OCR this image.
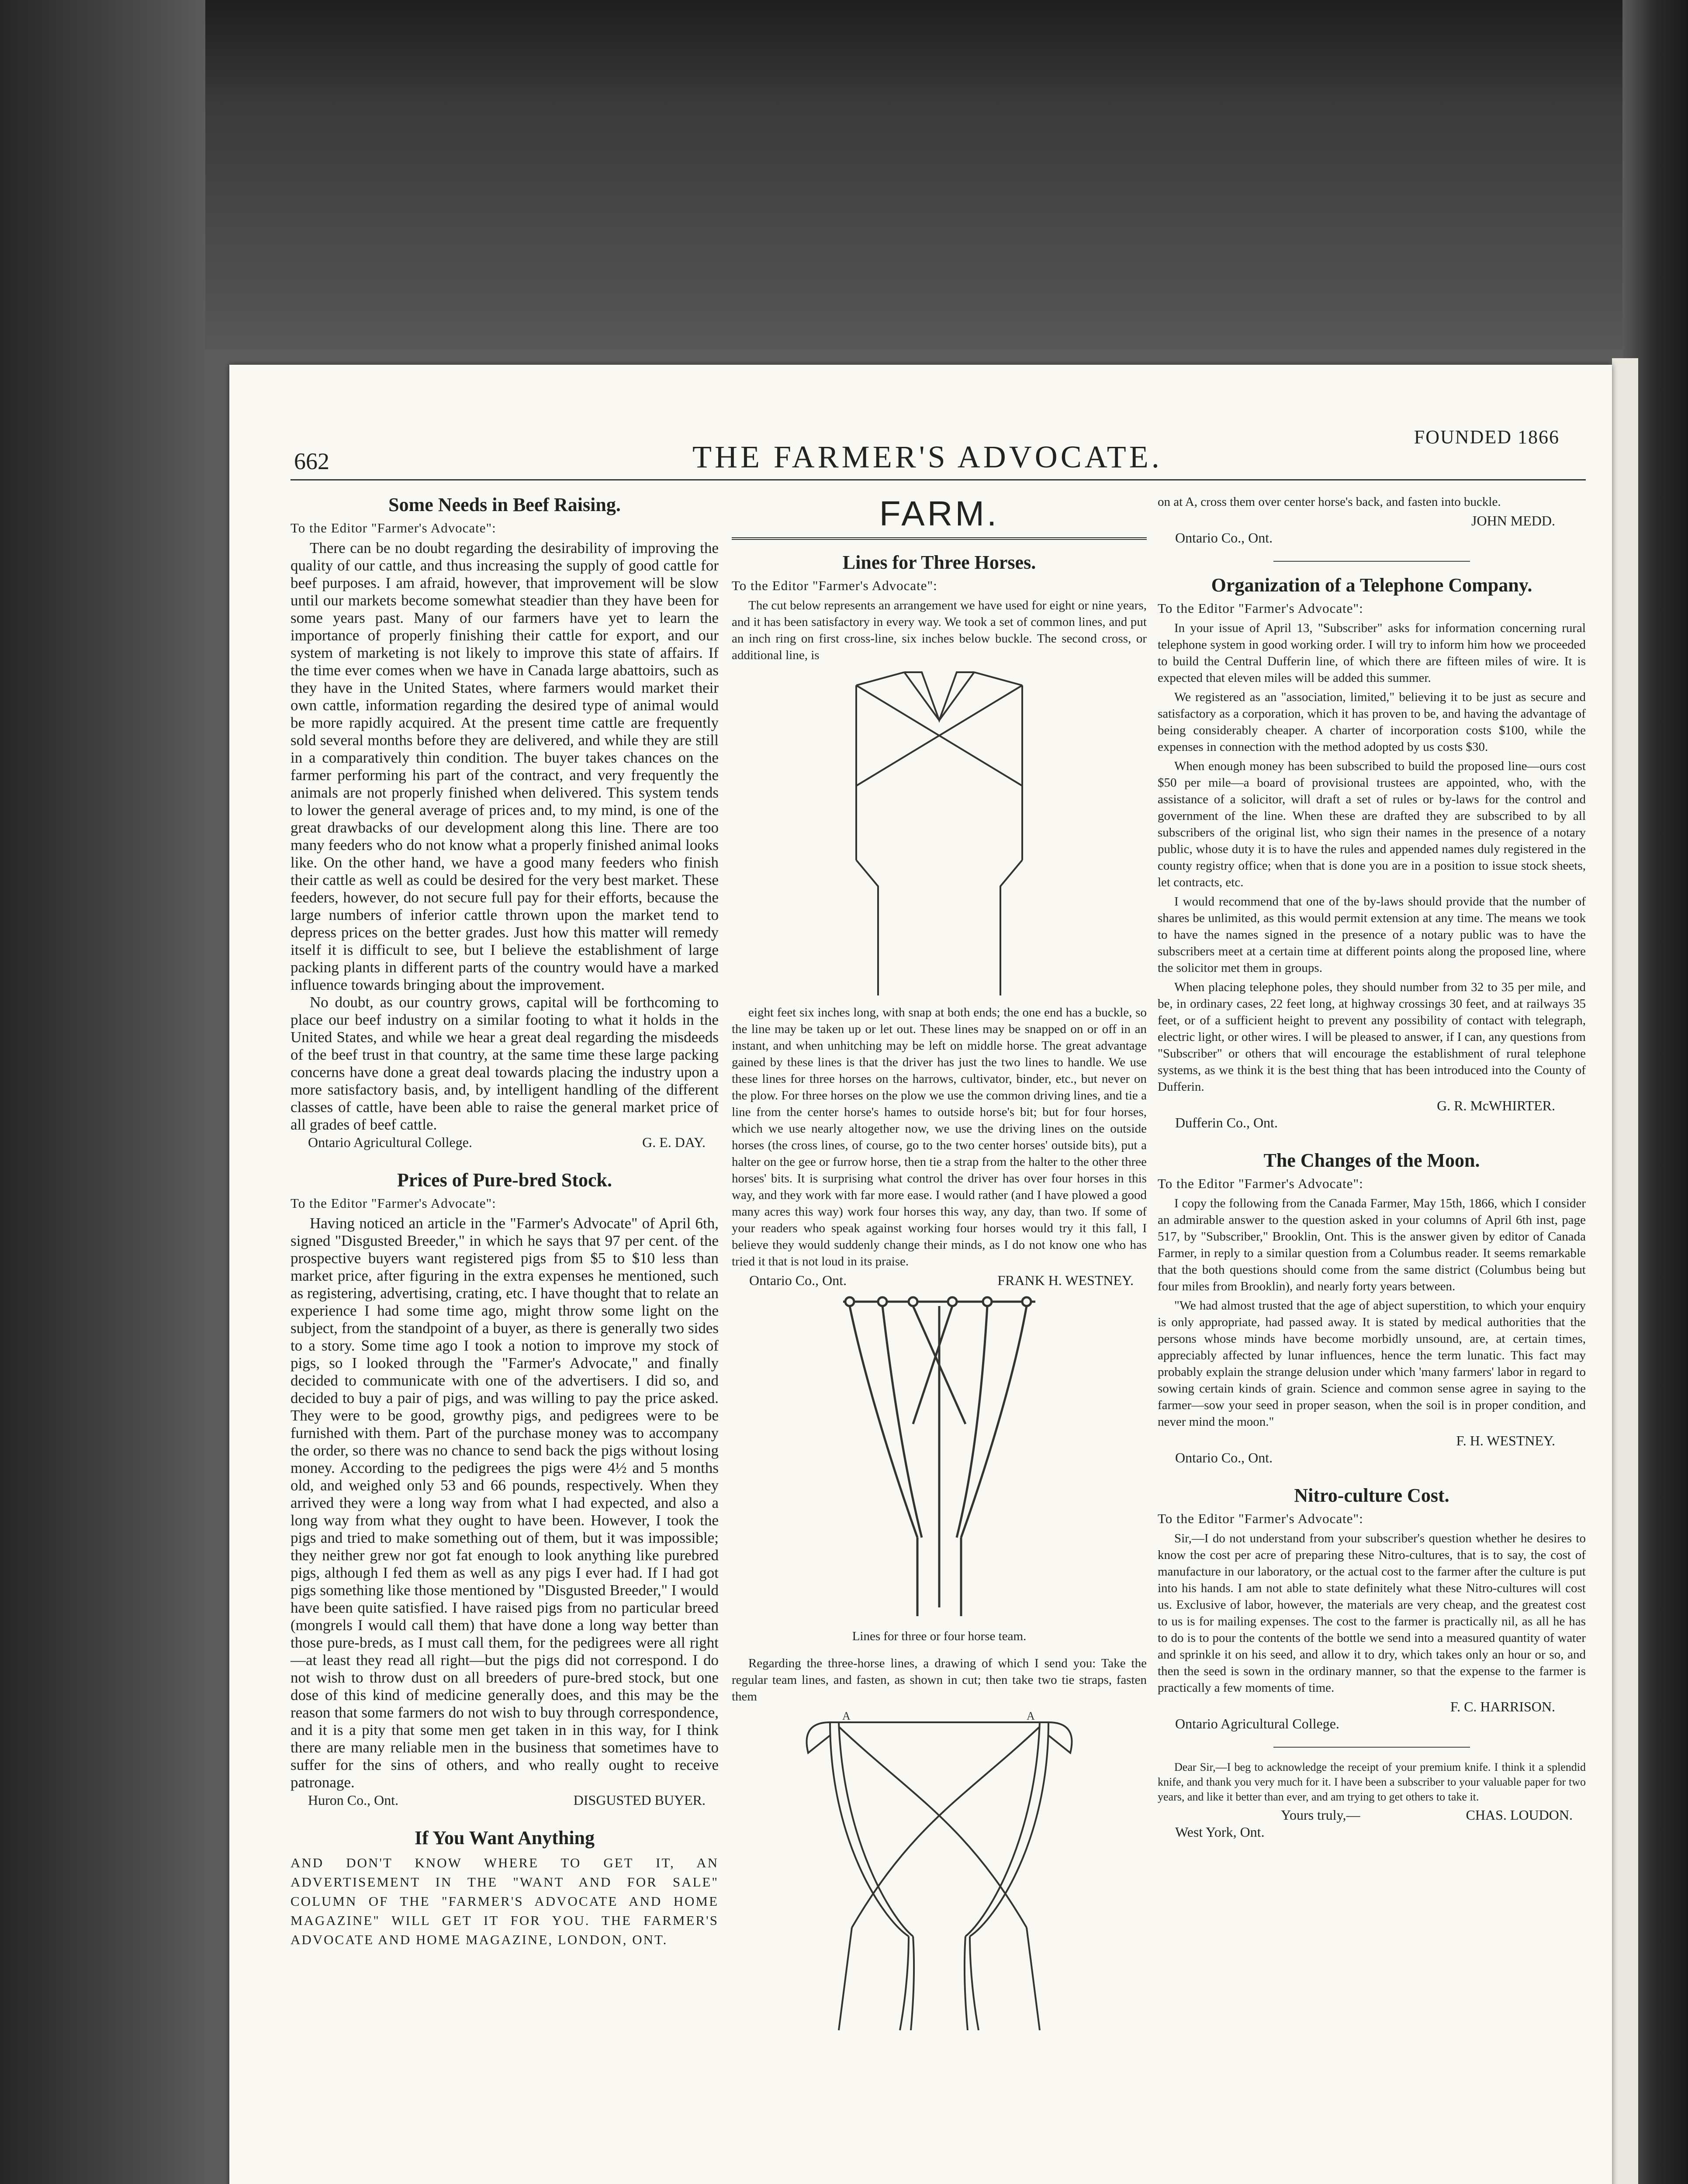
662	THE FARMER'S ADVOCATE.
FOUNDED 1866
Some Needs in Beef Raising.
To the Editor "Farmer's Advocate":

There can be no doubt regarding the desirability of improving the quality of our cattle, and thus increasing the supply of good cattle for beef purposes. I am afraid, however, that improvement will be slow until our markets become somewhat steadier than they have been for some years past. Many of our farmers have yet to learn the importance of properly finishing their cattle for export, and our system of marketing is not likely to improve this state of affairs. If the time ever comes when we have in Canada large abattoirs, such as they have in the United States, where farmers would market their own cattle, information regarding the desired type of animal would be more rapidly acquired. At the present time cattle are frequently sold several months before they are delivered, and while they are still in a comparatively thin condition. The buyer takes chances on the farmer performing his part of the contract, and very frequently the animals are not properly finished when delivered. This system tends to lower the general average of prices and, to my mind, is one of the great drawbacks of our development along this line. There are too many feeders who do not know what a properly finished animal looks like. On the other hand, we have a good many feeders who finish their cattle as well as could be desired for the very best market. These feeders, however, do not secure full pay for their efforts, because the large numbers of inferior cattle thrown upon the market tend to depress prices on the better grades. Just how this matter will remedy itself it is difficult to see, but I believe the establishment of large packing plants in different parts of the country would have a marked influence towards bringing about the improvement.

No doubt, as our country grows, capital will be forthcoming to place our beef industry on a similar footing to what it holds in the United States, and while we hear a great deal regarding the misdeeds of the beef trust in that country, at the same time these large packing concerns have done a great deal towards placing the industry upon a more satisfactory basis, and, by intelligent handling of the different classes of cattle, have been able to raise the general market price of all grades of beef cattle.

Ontario Agricultural College.	G. E. DAY.
Prices of Pure-bred Stock.
To the Editor "Farmer's Advocate":

Having noticed an article in the "Farmer's Advocate" of April 6th, signed "Disgusted Breeder," in which he says that 97 per cent. of the prospective buyers want registered pigs from $5 to $10 less than market price, after figuring in the extra expenses he mentioned, such as registering, advertising, crating, etc. I have thought that to relate an experience I had some time ago, might throw some light on the subject, from the standpoint of a buyer, as there is generally two sides to a story. Some time ago I took a notion to improve my stock of pigs, so I looked through the "Farmer's Advocate," and finally decided to communicate with one of the advertisers. I did so, and decided to buy a pair of pigs, and was willing to pay the price asked. They were to be good, growthy pigs, and pedigrees were to be furnished with them. Part of the purchase money was to accompany the order, so there was no chance to send back the pigs without losing money. According to the pedigrees the pigs were 4½ and 5 months old, and weighed only 53 and 66 pounds, respectively. When they arrived they were a long way from what I had expected, and also a long way from what they ought to have been. However, I took the pigs and tried to make something out of them, but it was impossible; they neither grew nor got fat enough to look anything like purebred pigs, although I fed them as well as any pigs I ever had. If I had got pigs something like those mentioned by "Disgusted Breeder," I would have been quite satisfied. I have raised pigs from no particular breed (mongrels I would call them) that have done a long way better than those pure-breds, as I must call them, for the pedigrees were all right—at least they read all right—but the pigs did not correspond. I do not wish to throw dust on all breeders of pure-bred stock, but one dose of this kind of medicine generally does, and this may be the reason that some farmers do not wish to buy through correspondence, and it is a pity that some men get taken in in this way, for I think there are many reliable men in the business that sometimes have to suffer for the sins of others, and who really ought to receive patronage.

Huron Co., Ont.	DISGUSTED BUYER.
If You Want Anything

AND DON'T KNOW WHERE TO GET IT, AN ADVERTISEMENT IN THE "WANT AND FOR SALE" COLUMN OF THE "FARMER'S ADVOCATE AND HOME MAGAZINE" WILL GET IT FOR YOU. THE FARMER'S ADVOCATE AND HOME MAGAZINE, LONDON, ONT.

FARM.
Lines for Three Horses.
To the Editor "Farmer's Advocate":

The cut below represents an arrangement we have used for eight or nine years, and it has been satisfactory in every way. We took a set of common lines, and put an inch ring on first cross-line, six inches below buckle. The second cross, or additional line, is

eight feet six inches long, with snap at both ends; the one end has a buckle, so the line may be taken up or let out. These lines may be snapped on or off in an instant, and when unhitching may be left on middle horse. The great advantage gained by these lines is that the driver has just the two lines to handle. We use these lines for three horses on the harrows, cultivator, binder, etc., but never on the plow. For three horses on the plow we use the common driving lines, and tie a line from the center horse's hames to outside horse's bit; but for four horses, which we use nearly altogether now, we use the driving lines on the outside horses (the cross lines, of course, go to the two center horses' outside bits), put a halter on the gee or furrow horse, then tie a strap from the halter to the other three horses' bits. It is surprising what control the driver has over four horses in this way, and they work with far more ease. I would rather (and I have plowed a good many acres this way) work four horses this way, any day, than two. If some of your readers who speak against working four horses would try it this fall, I believe they would suddenly change their minds, as I do not know one who has tried it that is not loud in its praise.

Ontario Co., Ont.	FRANK H. WESTNEY.
Lines for three or four horse team.

Regarding the three-horse lines, a drawing of which I send you: Take the regular team lines, and fasten, as shown in cut; then take two tie straps, fasten them

A	A

on at A, cross them over center horse's back, and fasten into buckle.

JOHN MEDD.
Ontario Co., Ont.
Organization of a Telephone Company.
To the Editor "Farmer's Advocate":

In your issue of April 13, "Subscriber" asks for information concerning rural telephone system in good working order. I will try to inform him how we proceeded to build the Central Dufferin line, of which there are fifteen miles of wire. It is expected that eleven miles will be added this summer.

We registered as an "association, limited," believing it to be just as secure and satisfactory as a corporation, which it has proven to be, and having the advantage of being considerably cheaper. A charter of incorporation costs $100, while the expenses in connection with the method adopted by us costs $30.

When enough money has been subscribed to build the proposed line—ours cost $50 per mile—a board of provisional trustees are appointed, who, with the assistance of a solicitor, will draft a set of rules or by-laws for the control and government of the line. When these are drafted they are subscribed to by all subscribers of the original list, who sign their names in the presence of a notary public, whose duty it is to have the rules and appended names duly registered in the county registry office; when that is done you are in a position to issue stock sheets, let contracts, etc.

I would recommend that one of the by-laws should provide that the number of shares be unlimited, as this would permit extension at any time. The means we took to have the names signed in the presence of a notary public was to have the subscribers meet at a certain time at different points along the proposed line, where the solicitor met them in groups.

When placing telephone poles, they should number from 32 to 35 per mile, and be, in ordinary cases, 22 feet long, at highway crossings 30 feet, and at railways 35 feet, or of a sufficient height to prevent any possibility of contact with telegraph, electric light, or other wires. I will be pleased to answer, if I can, any questions from "Subscriber" or others that will encourage the establishment of rural telephone systems, as we think it is the best thing that has been introduced into the County of Dufferin.

G. R. McWHIRTER.
Dufferin Co., Ont.
The Changes of the Moon.
To the Editor "Farmer's Advocate":

I copy the following from the Canada Farmer, May 15th, 1866, which I consider an admirable answer to the question asked in your columns of April 6th inst, page 517, by "Subscriber," Brooklin, Ont. This is the answer given by editor of Canada Farmer, in reply to a similar question from a Columbus reader. It seems remarkable that the both questions should come from the same district (Columbus being but four miles from Brooklin), and nearly forty years between.

"We had almost trusted that the age of abject superstition, to which your enquiry is only appropriate, had passed away. It is stated by medical authorities that the persons whose minds have become morbidly unsound, are, at certain times, appreciably affected by lunar influences, hence the term lunatic. This fact may probably explain the strange delusion under which 'many farmers' labor in regard to sowing certain kinds of grain. Science and common sense agree in saying to the farmer—sow your seed in proper season, when the soil is in proper condition, and never mind the moon."

F. H. WESTNEY.
Ontario Co., Ont.
Nitro-culture Cost.
To the Editor "Farmer's Advocate":

Sir,—I do not understand from your subscriber's question whether he desires to know the cost per acre of preparing these Nitro-cultures, that is to say, the cost of manufacture in our laboratory, or the actual cost to the farmer after the culture is put into his hands. I am not able to state definitely what these Nitro-cultures will cost us. Exclusive of labor, however, the materials are very cheap, and the greatest cost to us is for mailing expenses. The cost to the farmer is practically nil, as all he has to do is to pour the contents of the bottle we send into a measured quantity of water and sprinkle it on his seed, and allow it to dry, which takes only an hour or so, and then the seed is sown in the ordinary manner, so that the expense to the farmer is practically a few moments of time.

F. C. HARRISON.
Ontario Agricultural College.

Dear Sir,—I beg to acknowledge the receipt of your premium knife. I think it a splendid knife, and thank you very much for it. I have been a subscriber to your valuable paper for two years, and like it better than ever, and am trying to get others to take it.

Yours truly,—	CHAS. LOUDON.
West York, Ont.
